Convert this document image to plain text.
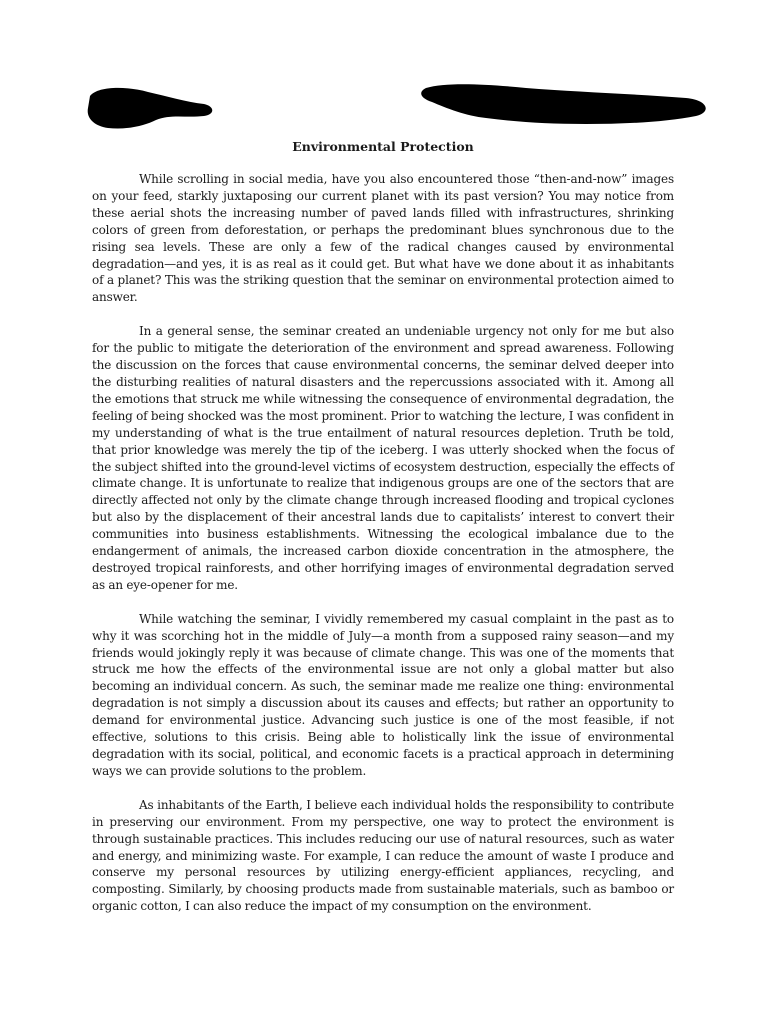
Environmental Protection

While scrolling in social media, have you also encountered those “then-and-now” images on your feed, starkly juxtaposing our current planet with its past version? You may notice from these aerial shots the increasing number of paved lands filled with infrastructures, shrinking colors of green from deforestation, or perhaps the predominant blues synchronous due to the rising sea levels. These are only a few of the radical changes caused by environmental degradation—and yes, it is as real as it could get. But what have we done about it as inhabitants of a planet? This was the striking question that the seminar on environmental protection aimed to answer.

In a general sense, the seminar created an undeniable urgency not only for me but also for the public to mitigate the deterioration of the environment and spread awareness. Following the discussion on the forces that cause environmental concerns, the seminar delved deeper into the disturbing realities of natural disasters and the repercussions associated with it. Among all the emotions that struck me while witnessing the consequence of environmental degradation, the feeling of being shocked was the most prominent. Prior to watching the lecture, I was confident in my understanding of what is the true entailment of natural resources depletion. Truth be told, that prior knowledge was merely the tip of the iceberg. I was utterly shocked when the focus of the subject shifted into the ground-level victims of ecosystem destruction, especially the effects of climate change. It is unfortunate to realize that indigenous groups are one of the sectors that are directly affected not only by the climate change through increased flooding and tropical cyclones but also by the displacement of their ancestral lands due to capitalists’ interest to convert their communities into business establishments. Witnessing the ecological imbalance due to the endangerment of animals, the increased carbon dioxide concentration in the atmosphere, the destroyed tropical rainforests, and other horrifying images of environmental degradation served as an eye-opener for me.

While watching the seminar, I vividly remembered my casual complaint in the past as to why it was scorching hot in the middle of July—a month from a supposed rainy season—and my friends would jokingly reply it was because of climate change. This was one of the moments that struck me how the effects of the environmental issue are not only a global matter but also becoming an individual concern. As such, the seminar made me realize one thing: environmental degradation is not simply a discussion about its causes and effects; but rather an opportunity to demand for environmental justice. Advancing such justice is one of the most feasible, if not effective, solutions to this crisis. Being able to holistically link the issue of environmental degradation with its social, political, and economic facets is a practical approach in determining ways we can provide solutions to the problem.

As inhabitants of the Earth, I believe each individual holds the responsibility to contribute in preserving our environment. From my perspective, one way to protect the environment is through sustainable practices. This includes reducing our use of natural resources, such as water and energy, and minimizing waste. For example, I can reduce the amount of waste I produce and conserve my personal resources by utilizing energy-efficient appliances, recycling, and composting. Similarly, by choosing products made from sustainable materials, such as bamboo or organic cotton, I can also reduce the impact of my consumption on the environment.
